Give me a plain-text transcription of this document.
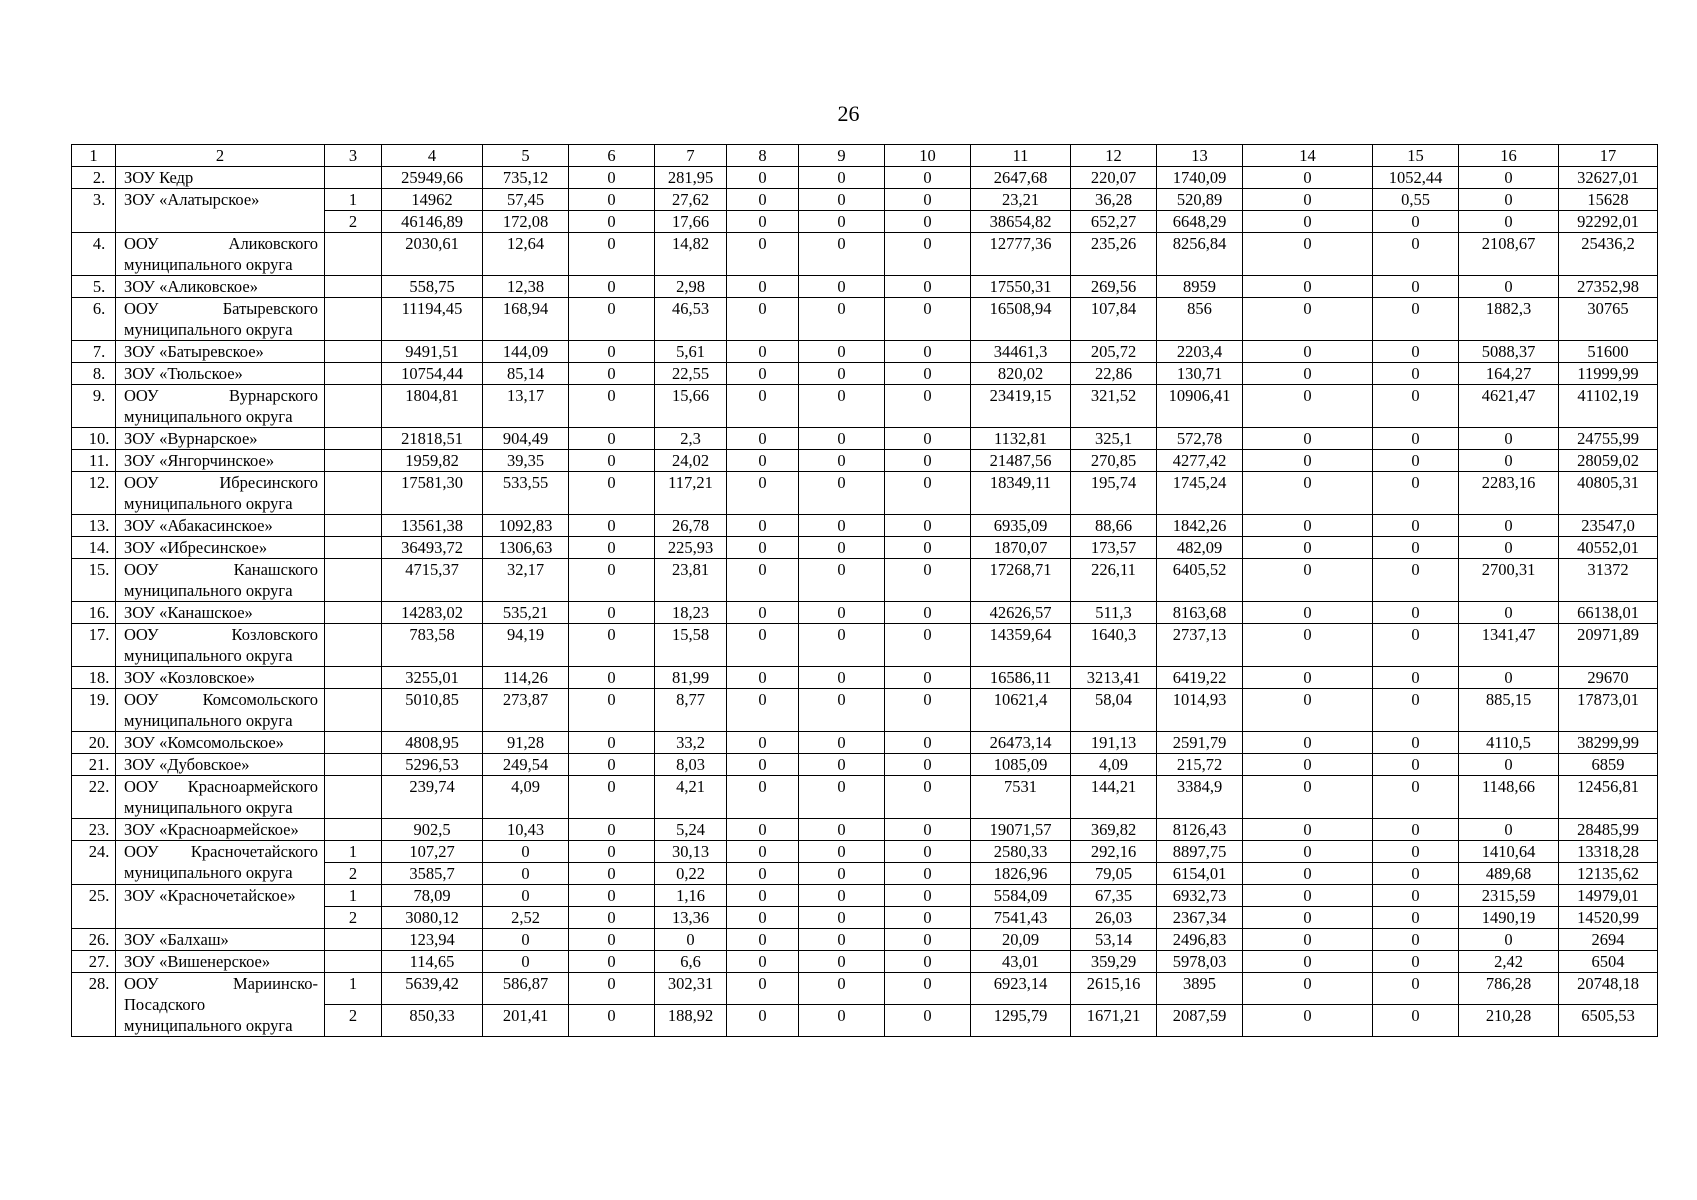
26
1	2	3	4	5	6	7	8	9	10	11	12	13	14	15	16	17
2.	ЗОУ Кедр		25949,66	735,12	0	281,95	0	0	0	2647,68	220,07	1740,09	0	1052,44	0	32627,01
3.	ЗОУ «Алатырское»	1	14962	57,45	0	27,62	0	0	0	23,21	36,28	520,89	0	0,55	0	15628
		2	46146,89	172,08	0	17,66	0	0	0	38654,82	652,27	6648,29	0	0	0	92292,01
4.	ООУ Аликовского муниципального округа		2030,61	12,64	0	14,82	0	0	0	12777,36	235,26	8256,84	0	0	2108,67	25436,2
5.	ЗОУ «Аликовское»		558,75	12,38	0	2,98	0	0	0	17550,31	269,56	8959	0	0	0	27352,98
6.	ООУ Батыревского муниципального округа		11194,45	168,94	0	46,53	0	0	0	16508,94	107,84	856	0	0	1882,3	30765
7.	ЗОУ «Батыревское»		9491,51	144,09	0	5,61	0	0	0	34461,3	205,72	2203,4	0	0	5088,37	51600
8.	ЗОУ «Тюльское»		10754,44	85,14	0	22,55	0	0	0	820,02	22,86	130,71	0	0	164,27	11999,99
9.	ООУ Вурнарского муниципального округа		1804,81	13,17	0	15,66	0	0	0	23419,15	321,52	10906,41	0	0	4621,47	41102,19
10.	ЗОУ «Вурнарское»		21818,51	904,49	0	2,3	0	0	0	1132,81	325,1	572,78	0	0	0	24755,99
11.	ЗОУ «Янгорчинское»		1959,82	39,35	0	24,02	0	0	0	21487,56	270,85	4277,42	0	0	0	28059,02
12.	ООУ Ибресинского муниципального округа		17581,30	533,55	0	117,21	0	0	0	18349,11	195,74	1745,24	0	0	2283,16	40805,31
13.	ЗОУ «Абакасинское»		13561,38	1092,83	0	26,78	0	0	0	6935,09	88,66	1842,26	0	0	0	23547,0
14.	ЗОУ «Ибресинское»		36493,72	1306,63	0	225,93	0	0	0	1870,07	173,57	482,09	0	0	0	40552,01
15.	ООУ Канашского муниципального округа		4715,37	32,17	0	23,81	0	0	0	17268,71	226,11	6405,52	0	0	2700,31	31372
16.	ЗОУ «Канашское»		14283,02	535,21	0	18,23	0	0	0	42626,57	511,3	8163,68	0	0	0	66138,01
17.	ООУ Козловского муниципального округа		783,58	94,19	0	15,58	0	0	0	14359,64	1640,3	2737,13	0	0	1341,47	20971,89
18.	ЗОУ «Козловское»		3255,01	114,26	0	81,99	0	0	0	16586,11	3213,41	6419,22	0	0	0	29670
19.	ООУ Комсомольского муниципального округа		5010,85	273,87	0	8,77	0	0	0	10621,4	58,04	1014,93	0	0	885,15	17873,01
20.	ЗОУ «Комсомольское»		4808,95	91,28	0	33,2	0	0	0	26473,14	191,13	2591,79	0	0	4110,5	38299,99
21.	ЗОУ «Дубовское»		5296,53	249,54	0	8,03	0	0	0	1085,09	4,09	215,72	0	0	0	6859
22.	ООУ Красноармейского муниципального округа		239,74	4,09	0	4,21	0	0	0	7531	144,21	3384,9	0	0	1148,66	12456,81
23.	ЗОУ «Красноармейское»		902,5	10,43	0	5,24	0	0	0	19071,57	369,82	8126,43	0	0	0	28485,99
24.	ООУ Красночетайского муниципального округа	1	107,27	0	0	30,13	0	0	0	2580,33	292,16	8897,75	0	0	1410,64	13318,28
		2	3585,7	0	0	0,22	0	0	0	1826,96	79,05	6154,01	0	0	489,68	12135,62
25.	ЗОУ «Красночетайское»	1	78,09	0	0	1,16	0	0	0	5584,09	67,35	6932,73	0	0	2315,59	14979,01
		2	3080,12	2,52	0	13,36	0	0	0	7541,43	26,03	2367,34	0	0	1490,19	14520,99
26.	ЗОУ «Балхаш»		123,94	0	0	0	0	0	0	20,09	53,14	2496,83	0	0	0	2694
27.	ЗОУ «Вишенерское»		114,65	0	0	6,6	0	0	0	43,01	359,29	5978,03	0	0	2,42	6504
28.	ООУ Мариинско-Посадского муниципального округа	1	5639,42	586,87	0	302,31	0	0	0	6923,14	2615,16	3895	0	0	786,28	20748,18
		2	850,33	201,41	0	188,92	0	0	0	1295,79	1671,21	2087,59	0	0	210,28	6505,53
